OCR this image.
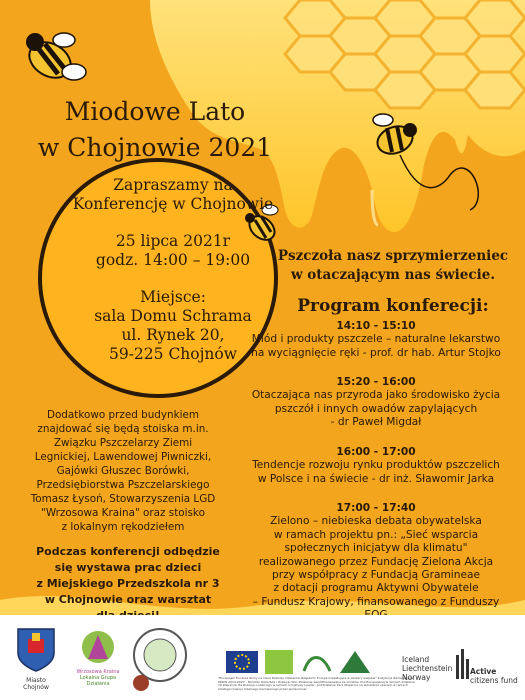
Miodowe Lato
w Chojnowie 2021
Zapraszamy na
Konferencję w Chojnowie
25 lipca 2021r
godz. 14:00 – 19:00
Miejsce:
sala Domu Schrama
ul. Rynek 20,
59-225 Chojnów
Pszczoła nasz sprzymierzeniec
w otaczającym nas świecie.
Program konferecji:
14:10 - 15:10
Miód i produkty pszczele – naturalne lekarstwo
na wyciągnięcie ręki - prof. dr hab. Artur Stojko
15:20 - 16:00
Otaczająca nas przyroda jako środowisko życia
pszczół i innych owadów zapylających
- dr Paweł Migdał
16:00 - 17:00
Tendencje rozwoju rynku produktów pszczelich
w Polsce i na świecie - dr inż. Sławomir Jarka
17:00 - 17:40
Zielono – niebieska debata obywatelska
w ramach projektu pn.: „Sieć wsparcia
społecznych inicjatyw dla klimatu"
realizowanego przez Fundację Zielona Akcja
przy współpracy z Fundacją Gramineae
z dotacji programu Aktywni Obywatele
– Fundusz Krajowy, finansowanego z Funduszy
Dodatkowo przed budynkiem
znajdować się będą stoiska m.in.
Związku Pszczelarzy Ziemi
Legnickiej, Lawendowej Piwniczki,
Gajówki Głuszec Borówki,
Przedsiębiorstwa Pszczelarskiego
Tomasz Łysoń, Stowarzyszenia LGD
"Wrzosowa Kraina" oraz stoisko
z lokalnym rękodziełem
Podczas konferencji odbędzie
się wystawa prac dzieci
z Miejskiego Przedszkola nr 3
w Chojnowie oraz warsztat
Miasto Chojnów
Wrzosowa Kraina
Lokalna Grupa Działania
"Europejski Fundusz Rolny na rzecz Rozwoju Obszarów Wiejskich: Europa inwestująca w obszary wiejskie" Instytucja Zarządzająca PROW 2014-2020 – Minister Rolnictwa i Rozwoju Wsi. Działanie współfinansowane ze środków Unii Europejskiej w ramach działania 19 Wsparcie dla Rozwoju Lokalnego w ramach inicjatywy Leader, poddziałanie 19.2 Wsparcie na wdrażanie operacji w ramach strategii rozwoju lokalnego kierowanego przez społeczność
Iceland
Liechtenstein
Norway
Active
citizens fund
